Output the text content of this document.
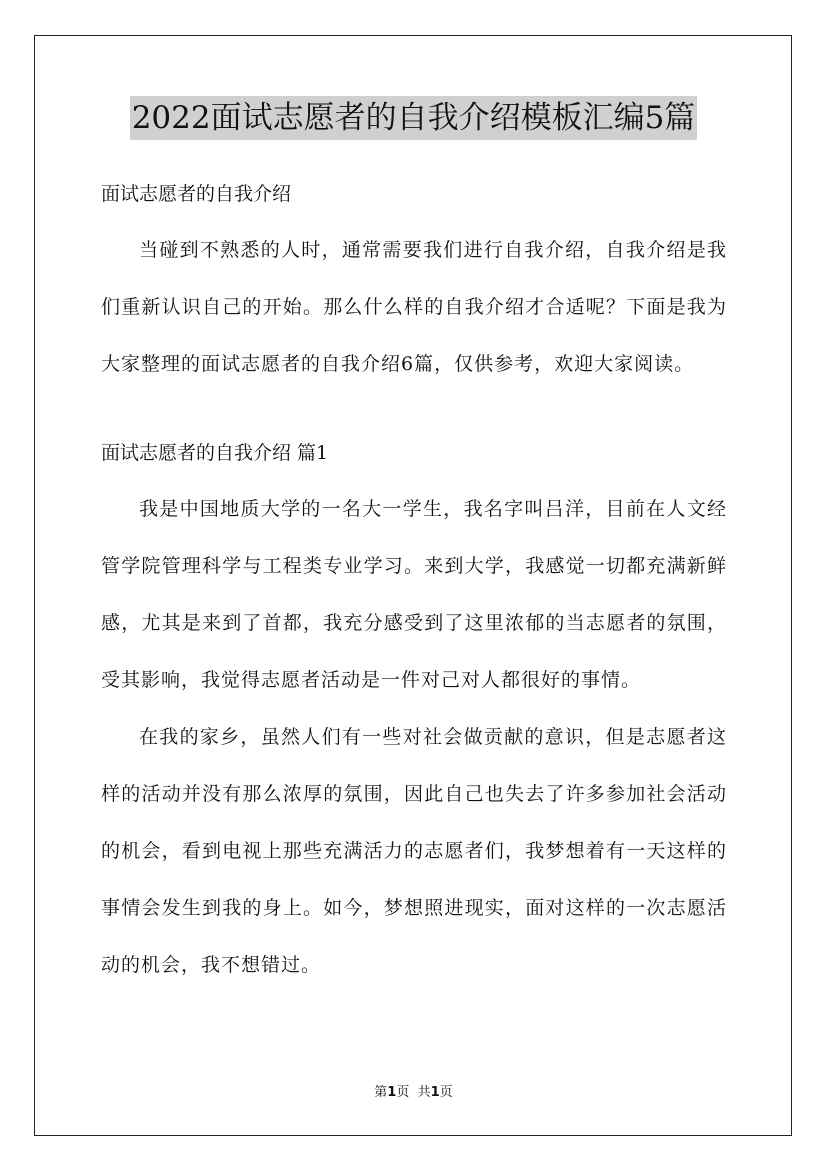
2022面试志愿者的自我介绍模板汇编5篇

面试志愿者的自我介绍

当碰到不熟悉的人时，通常需要我们进行自我介绍，自我介绍是我们重新认识自己的开始。那么什么样的自我介绍才合适呢？下面是我为大家整理的面试志愿者的自我介绍6篇，仅供参考，欢迎大家阅读。

面试志愿者的自我介绍 篇1

我是中国地质大学的一名大一学生，我名字叫吕洋，目前在人文经管学院管理科学与工程类专业学习。来到大学，我感觉一切都充满新鲜感，尤其是来到了首都，我充分感受到了这里浓郁的当志愿者的氛围，受其影响，我觉得志愿者活动是一件对己对人都很好的事情。

在我的家乡，虽然人们有一些对社会做贡献的意识，但是志愿者这样的活动并没有那么浓厚的氛围，因此自己也失去了许多参加社会活动的机会，看到电视上那些充满活力的志愿者们，我梦想着有一天这样的事情会发生到我的身上。如今，梦想照进现实，面对这样的一次志愿活动的机会，我不想错过。

第1页 共1页
